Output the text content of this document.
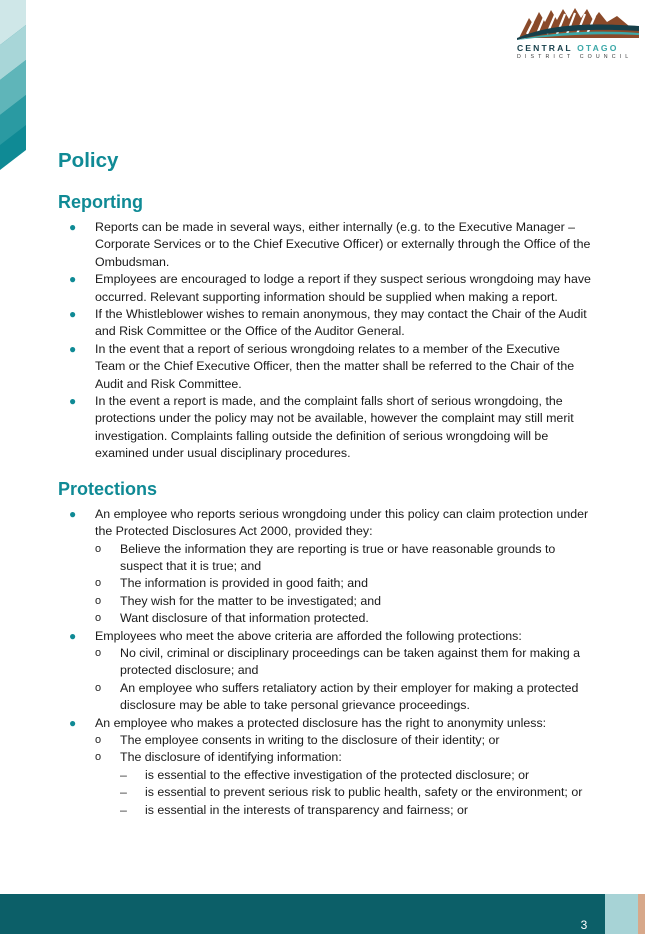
CENTRAL OTAGO
DISTRICT COUNCIL
Policy
Reporting
● Reports can be made in several ways, either internally (e.g. to the Executive Manager – Corporate Services or to the Chief Executive Officer) or externally through the Office of the Ombudsman.
● Employees are encouraged to lodge a report if they suspect serious wrongdoing may have occurred. Relevant supporting information should be supplied when making a report.
● If the Whistleblower wishes to remain anonymous, they may contact the Chair of the Audit and Risk Committee or the Office of the Auditor General.
● In the event that a report of serious wrongdoing relates to a member of the Executive Team or the Chief Executive Officer, then the matter shall be referred to the Chair of the Audit and Risk Committee.
● In the event a report is made, and the complaint falls short of serious wrongdoing, the protections under the policy may not be available, however the complaint may still merit investigation. Complaints falling outside the definition of serious wrongdoing will be examined under usual disciplinary procedures.
Protections
● An employee who reports serious wrongdoing under this policy can claim protection under the Protected Disclosures Act 2000, provided they:
o Believe the information they are reporting is true or have reasonable grounds to suspect that it is true; and
o The information is provided in good faith; and
o They wish for the matter to be investigated; and
o Want disclosure of that information protected.
● Employees who meet the above criteria are afforded the following protections:
o No civil, criminal or disciplinary proceedings can be taken against them for making a protected disclosure; and
o An employee who suffers retaliatory action by their employer for making a protected disclosure may be able to take personal grievance proceedings.
● An employee who makes a protected disclosure has the right to anonymity unless:
o The employee consents in writing to the disclosure of their identity; or
o The disclosure of identifying information:
– is essential to the effective investigation of the protected disclosure; or
– is essential to prevent serious risk to public health, safety or the environment; or
– is essential in the interests of transparency and fairness; or
3
